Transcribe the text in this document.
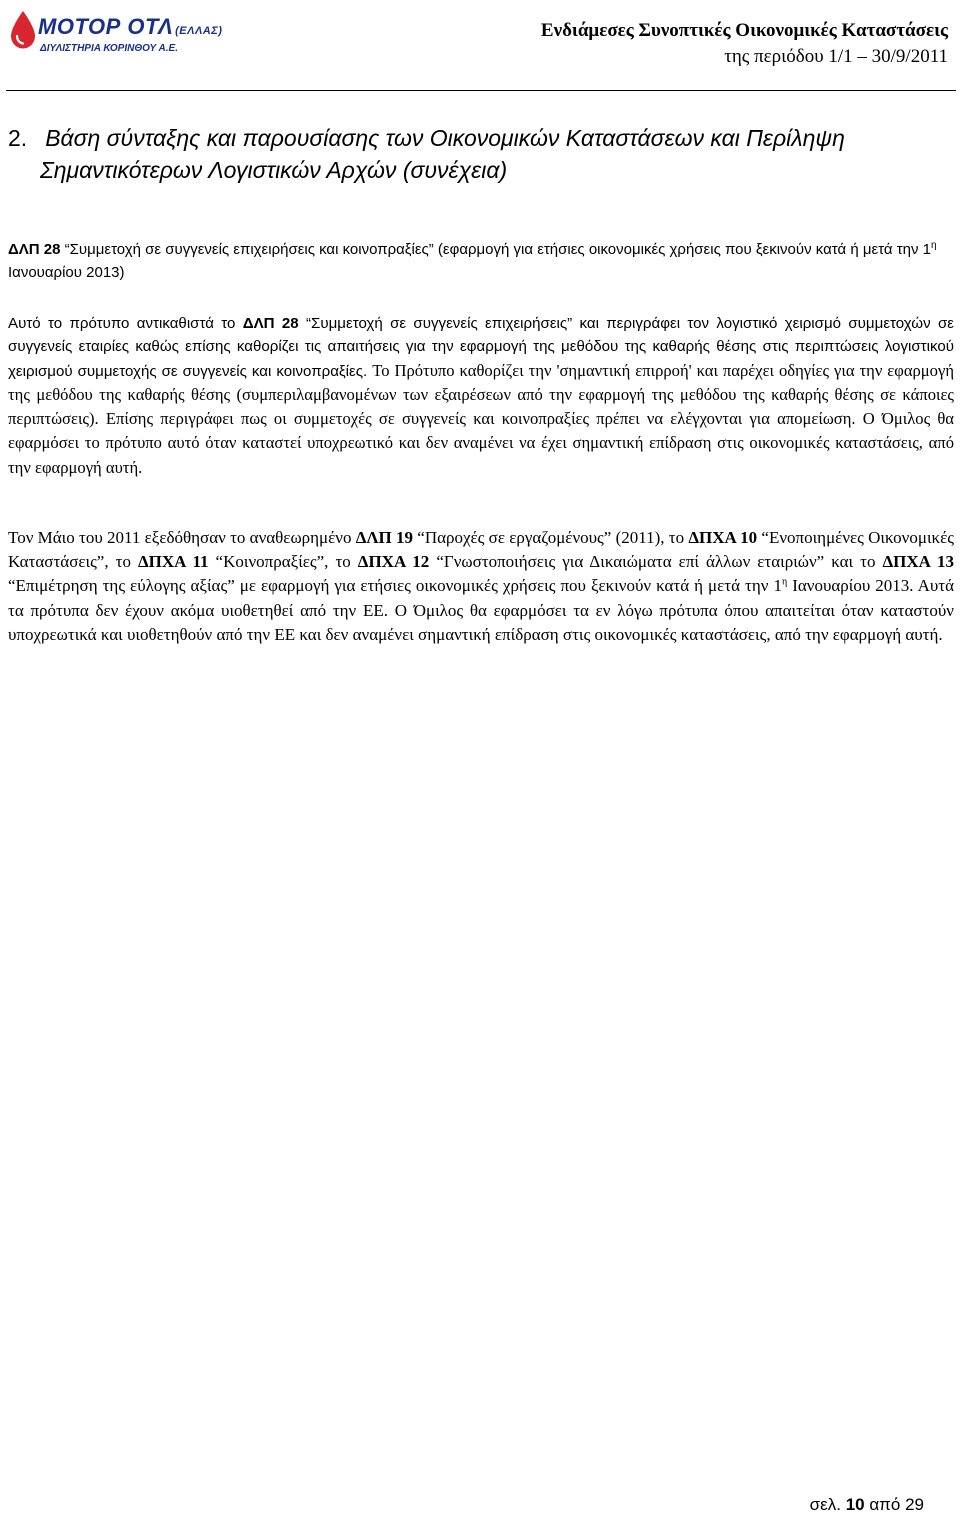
ΜΟΤΟΡ ΟΤΛ (ΕΛΛΑΣ)
ΔΙΥΛΙΣΤΗΡΙΑ ΚΟΡΙΝΘΟΥ Α.Ε.
Ενδιάμεσες Συνοπτικές Οικονομικές Καταστάσεις
της περιόδου 1/1 – 30/9/2011
2. Βάση σύνταξης και παρουσίασης των Οικονομικών Καταστάσεων και Περίληψη
Σημαντικότερων Λογιστικών Αρχών (συνέχεια)
ΔΛΠ 28 “Συμμετοχή σε συγγενείς επιχειρήσεις και κοινοπραξίες” (εφαρμογή για ετήσιες οικονομικές χρήσεις που ξεκινούν κατά ή μετά την $1^\eta$ Ιανουαρίου 2013)
Αυτό το πρότυπο αντικαθιστά το ΔΛΠ 28 “Συμμετοχή σε συγγενείς επιχειρήσεις” και περιγράφει τον λογιστικό χειρισμό συμμετοχών σε συγγενείς εταιρίες καθώς επίσης καθορίζει τις απαιτήσεις για την εφαρμογή της μεθόδου της καθαρής θέσης στις περιπτώσεις λογιστικού χειρισμού συμμετοχής σε συγγενείς και κοινοπραξίες. Το Πρότυπο καθορίζει την 'σημαντική επιρροή' και παρέχει οδηγίες για την εφαρμογή της μεθόδου της καθαρής θέσης (συμπεριλαμβανομένων των εξαιρέσεων από την εφαρμογή της μεθόδου της καθαρής θέσης σε κάποιες περιπτώσεις). Επίσης περιγράφει πως οι συμμετοχές σε συγγενείς και κοινοπραξίες πρέπει να ελέγχονται για απομείωση. Ο Όμιλος θα εφαρμόσει το πρότυπο αυτό όταν καταστεί υποχρεωτικό και δεν αναμένει να έχει σημαντική επίδραση στις οικονομικές καταστάσεις, από την εφαρμογή αυτή.
Τον Μάιο του 2011 εξεδόθησαν το αναθεωρημένο ΔΛΠ 19 “Παροχές σε εργαζομένους” (2011), το ΔΠΧΑ 10 “Ενοποιημένες Οικονομικές Καταστάσεις”, το ΔΠΧΑ 11 “Κοινοπραξίες”, το ΔΠΧΑ 12 “Γνωστοποιήσεις για Δικαιώματα επί άλλων εταιριών” και το ΔΠΧΑ 13 “Επιμέτρηση της εύλογης αξίας” με εφαρμογή για ετήσιες οικονομικές χρήσεις που ξεκινούν κατά ή μετά την $1^\eta$ Ιανουαρίου 2013. Αυτά τα πρότυπα δεν έχουν ακόμα υιοθετηθεί από την ΕΕ. Ο Όμιλος θα εφαρμόσει τα εν λόγω πρότυπα όπου απαιτείται όταν καταστούν υποχρεωτικά και υιοθετηθούν από την ΕΕ και δεν αναμένει σημαντική επίδραση στις οικονομικές καταστάσεις, από την εφαρμογή αυτή.
σελ. 10 από 29
